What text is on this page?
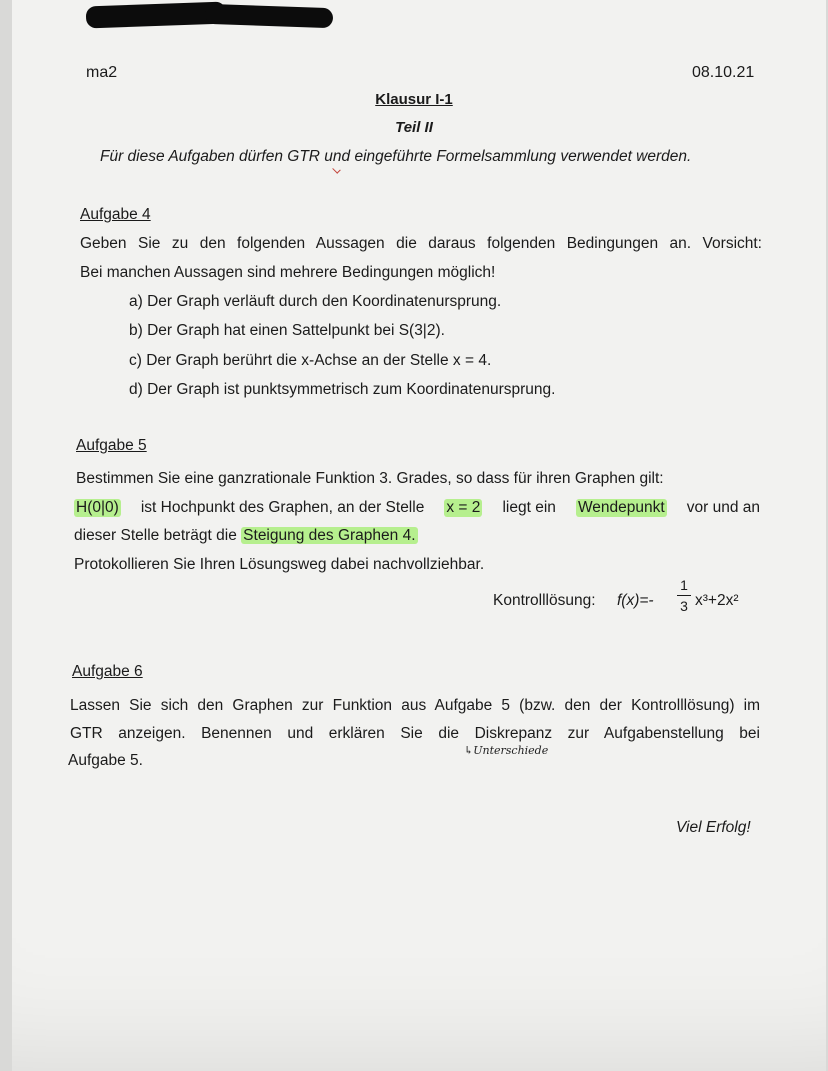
ma2	08.10.21
Klausur I-1
Teil II
Für diese Aufgaben dürfen GTR und eingeführte Formelsammlung verwendet werden.
Aufgabe 4
Geben Sie zu den folgenden Aussagen die daraus folgenden Bedingungen an. Vorsicht:
Bei manchen Aussagen sind mehrere Bedingungen möglich!
a) Der Graph verläuft durch den Koordinatenursprung.
b) Der Graph hat einen Sattelpunkt bei S(3|2).
c) Der Graph berührt die x-Achse an der Stelle x = 4.
d) Der Graph ist punktsymmetrisch zum Koordinatenursprung.
Aufgabe 5
Bestimmen Sie eine ganzrationale Funktion 3. Grades, so dass für ihren Graphen gilt:
H(0|0) ist Hochpunkt des Graphen, an der Stelle x = 2 liegt ein Wendepunkt vor und an
dieser Stelle beträgt die Steigung des Graphen 4.
Protokollieren Sie Ihren Lösungsweg dabei nachvollziehbar.
Kontrolllösung: f(x)=-
1
3 x³+2x²
Aufgabe 6
Lassen Sie sich den Graphen zur Funktion aus Aufgabe 5 (bzw. den der Kontrolllösung) im
GTR anzeigen. Benennen und erklären Sie die Diskrepanz zur Aufgabenstellung bei
Aufgabe 5.
↳Unterschiede
Viel Erfolg!
